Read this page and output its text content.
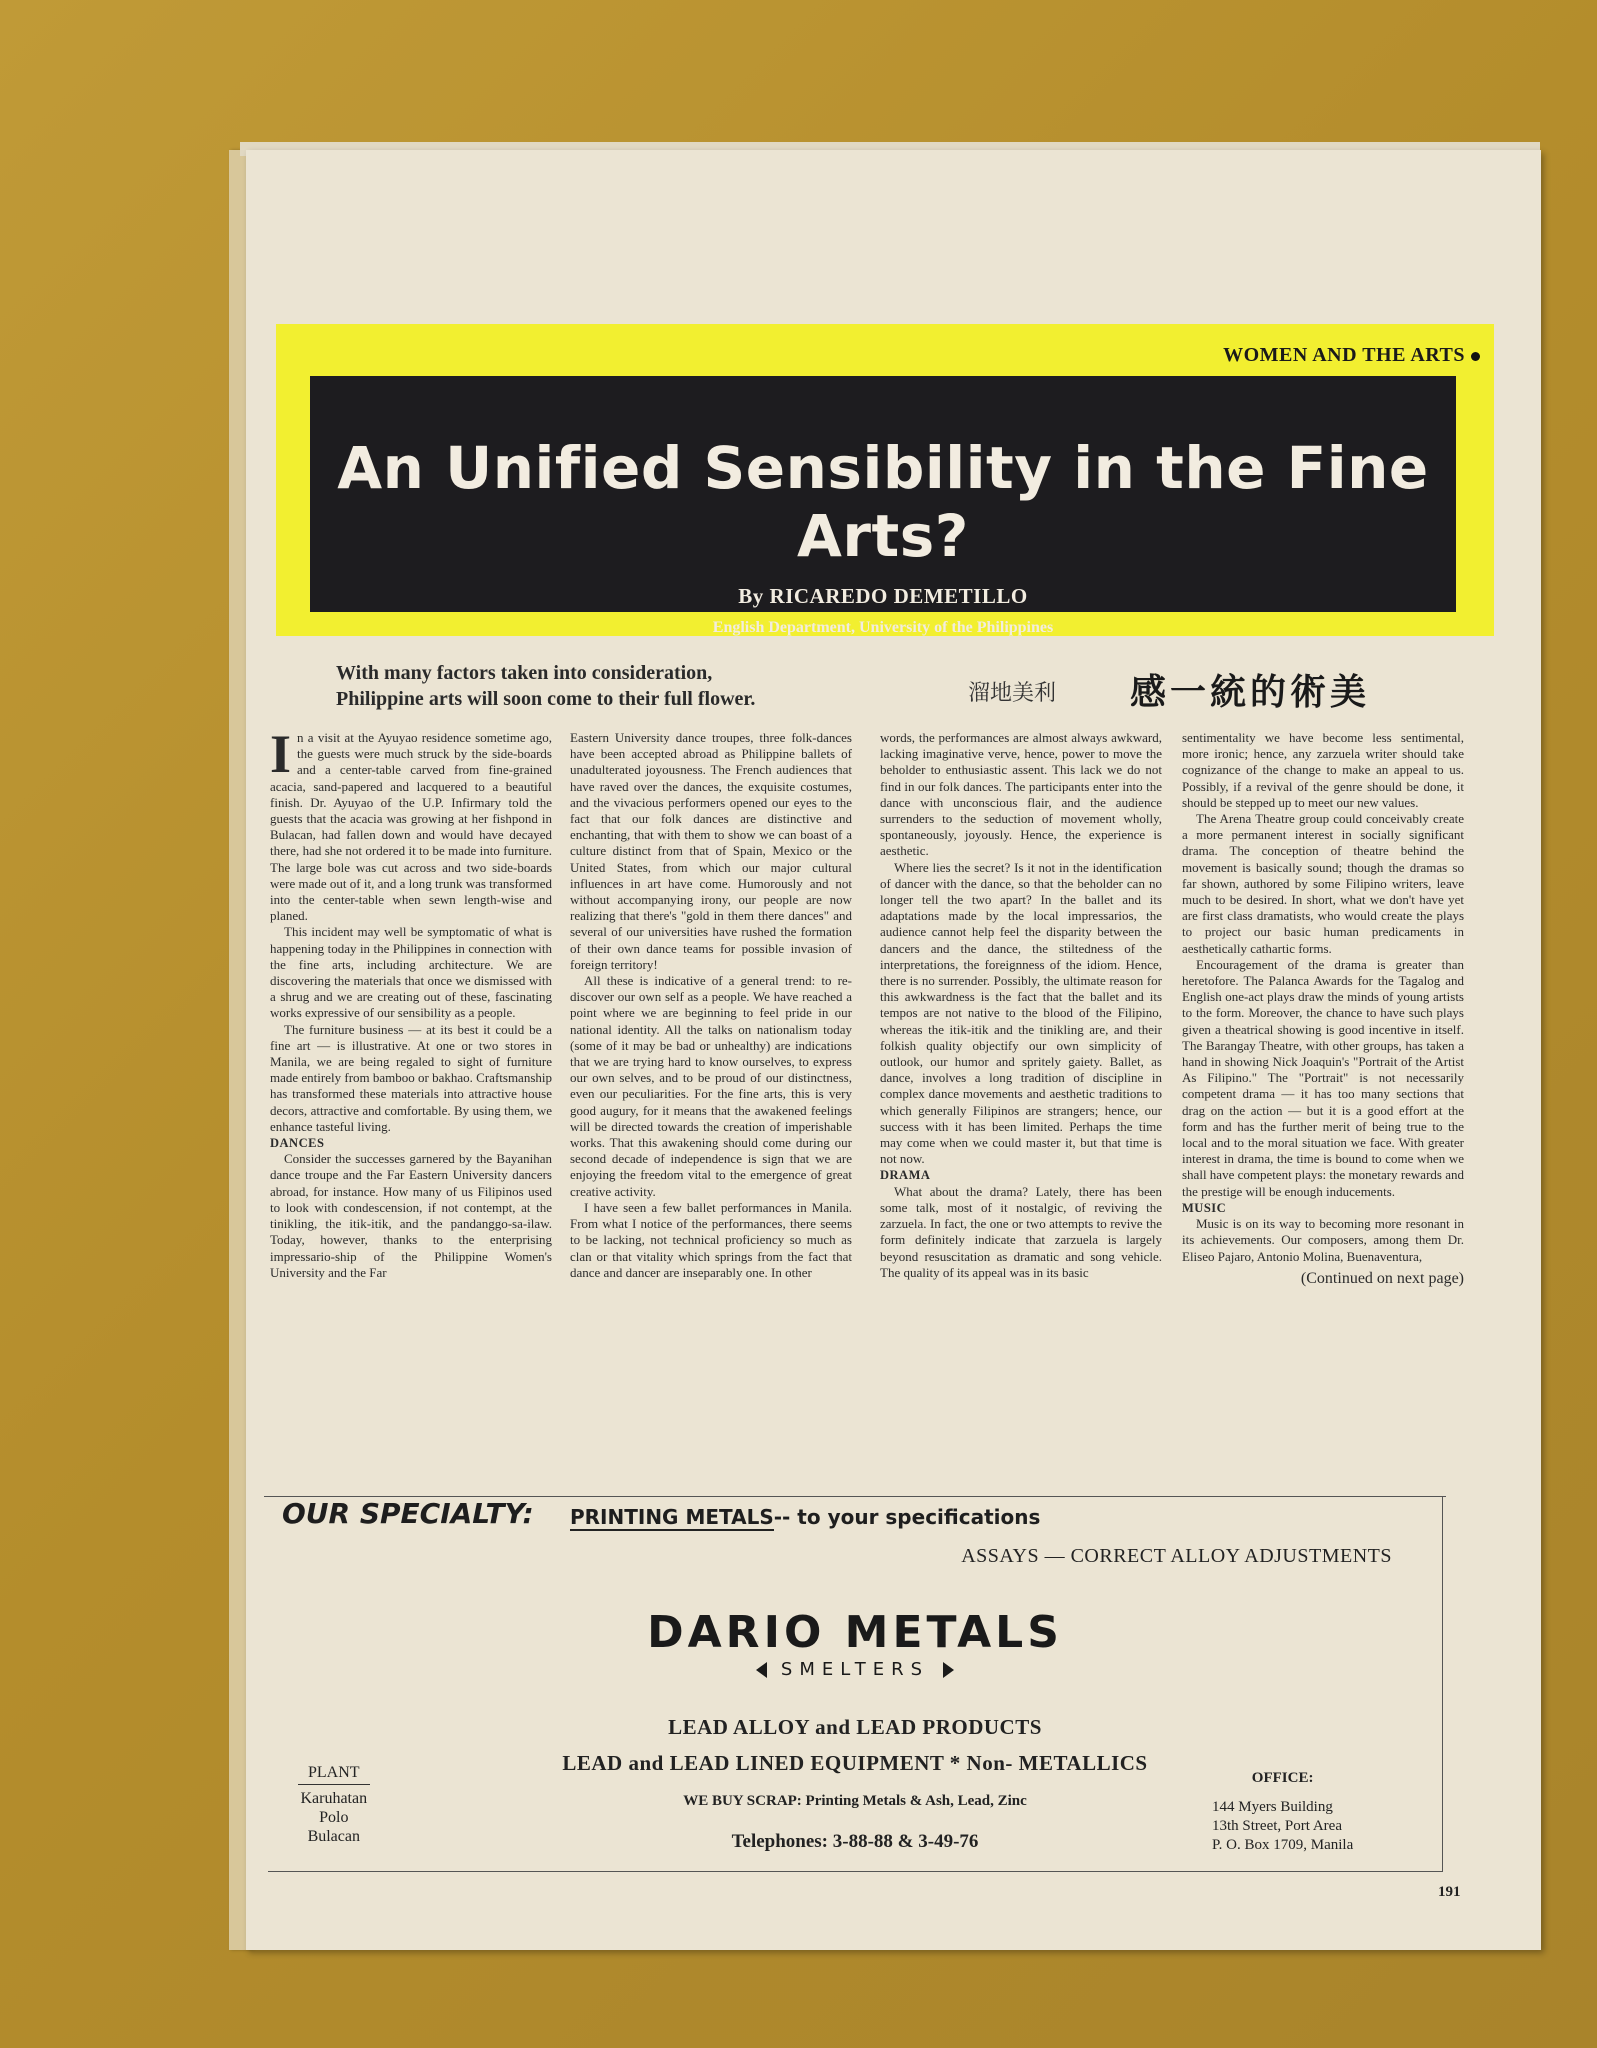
WOMEN AND THE ARTS
An Unified Sensibility in the Fine Arts?
By RICAREDO DEMETILLO
English Department, University of the Philippines
With many factors taken into consideration,
Philippine arts will soon come to their full flower.	溜地美利 感一統的術美

In a visit at the Ayuyao residence sometime ago, the guests were much struck by the side-boards and a center-table carved from fine-grained acacia, sand-papered and lacquered to a beautiful finish. Dr. Ayuyao of the U.P. Infirmary told the guests that the acacia was growing at her fishpond in Bulacan, had fallen down and would have decayed there, had she not ordered it to be made into furniture. The large bole was cut across and two side-boards were made out of it, and a long trunk was transformed into the center-table when sewn length-wise and planed.

This incident may well be symptomatic of what is happening today in the Philippines in connection with the fine arts, including architecture. We are discovering the materials that once we dismissed with a shrug and we are creating out of these, fascinating works expressive of our sensibility as a people.

The furniture business — at its best it could be a fine art — is illustrative. At one or two stores in Manila, we are being regaled to sight of furniture made entirely from bamboo or bakhao. Craftsmanship has transformed these materials into attractive house decors, attractive and comfortable. By using them, we enhance tasteful living.

DANCES

Consider the successes garnered by the Bayanihan dance troupe and the Far Eastern University dancers abroad, for instance. How many of us Filipinos used to look with condescension, if not contempt, at the tinikling, the itik-itik, and the pandanggo-sa-ilaw. Today, however, thanks to the enterprising impressario-ship of the Philippine Women's University and the Far

Eastern University dance troupes, three folk-dances have been accepted abroad as Philippine ballets of unadulterated joyousness. The French audiences that have raved over the dances, the exquisite costumes, and the vivacious performers opened our eyes to the fact that our folk dances are distinctive and enchanting, that with them to show we can boast of a culture distinct from that of Spain, Mexico or the United States, from which our major cultural influences in art have come. Humorously and not without accompanying irony, our people are now realizing that there's "gold in them there dances" and several of our universities have rushed the formation of their own dance teams for possible invasion of foreign territory!

All these is indicative of a general trend: to re-discover our own self as a people. We have reached a point where we are beginning to feel pride in our national identity. All the talks on nationalism today (some of it may be bad or unhealthy) are indications that we are trying hard to know ourselves, to express our own selves, and to be proud of our distinctness, even our peculiarities. For the fine arts, this is very good augury, for it means that the awakened feelings will be directed towards the creation of imperishable works. That this awakening should come during our second decade of independence is sign that we are enjoying the freedom vital to the emergence of great creative activity.

I have seen a few ballet performances in Manila. From what I notice of the performances, there seems to be lacking, not technical proficiency so much as clan or that vitality which springs from the fact that dance and dancer are inseparably one. In other

words, the performances are almost always awkward, lacking imaginative verve, hence, power to move the beholder to enthusiastic assent. This lack we do not find in our folk dances. The participants enter into the dance with unconscious flair, and the audience surrenders to the seduction of movement wholly, spontaneously, joyously. Hence, the experience is aesthetic.

Where lies the secret? Is it not in the identification of dancer with the dance, so that the beholder can no longer tell the two apart? In the ballet and its adaptations made by the local impressarios, the audience cannot help feel the disparity between the dancers and the dance, the stiltedness of the interpretations, the foreignness of the idiom. Hence, there is no surrender. Possibly, the ultimate reason for this awkwardness is the fact that the ballet and its tempos are not native to the blood of the Filipino, whereas the itik-itik and the tinikling are, and their folkish quality objectify our own simplicity of outlook, our humor and spritely gaiety. Ballet, as dance, involves a long tradition of discipline in complex dance movements and aesthetic traditions to which generally Filipinos are strangers; hence, our success with it has been limited. Perhaps the time may come when we could master it, but that time is not now.

DRAMA

What about the drama? Lately, there has been some talk, most of it nostalgic, of reviving the zarzuela. In fact, the one or two attempts to revive the form definitely indicate that zarzuela is largely beyond resuscitation as dramatic and song vehicle. The quality of its appeal was in its basic

sentimentality we have become less sentimental, more ironic; hence, any zarzuela writer should take cognizance of the change to make an appeal to us. Possibly, if a revival of the genre should be done, it should be stepped up to meet our new values.

The Arena Theatre group could conceivably create a more permanent interest in socially significant drama. The conception of theatre behind the movement is basically sound; though the dramas so far shown, authored by some Filipino writers, leave much to be desired. In short, what we don't have yet are first class dramatists, who would create the plays to project our basic human predicaments in aesthetically cathartic forms.

Encouragement of the drama is greater than heretofore. The Palanca Awards for the Tagalog and English one-act plays draw the minds of young artists to the form. Moreover, the chance to have such plays given a theatrical showing is good incentive in itself. The Barangay Theatre, with other groups, has taken a hand in showing Nick Joaquin's "Portrait of the Artist As Filipino." The "Portrait" is not necessarily competent drama — it has too many sections that drag on the action — but it is a good effort at the form and has the further merit of being true to the local and to the moral situation we face. With greater interest in drama, the time is bound to come when we shall have competent plays: the monetary rewards and the prestige will be enough inducements.

MUSIC

Music is on its way to becoming more resonant in its achievements. Our composers, among them Dr. Eliseo Pajaro, Antonio Molina, Buenaventura,

(Continued on next page)
OUR SPECIALTY: PRINTING METALS-- to your specifications
ASSAYS — CORRECT ALLOY ADJUSTMENTS
DARIO METALS
SMELTERS
LEAD ALLOY and LEAD PRODUCTS
LEAD and LEAD LINED EQUIPMENT * Non- METALLICS
WE BUY SCRAP: Printing Metals & Ash, Lead, Zinc
Telephones: 3-88-88 & 3-49-76
PLANT
Karuhatan
Polo
Bulacan
OFFICE:
144 Myers Building
13th Street, Port Area
P. O. Box 1709, Manila
191
